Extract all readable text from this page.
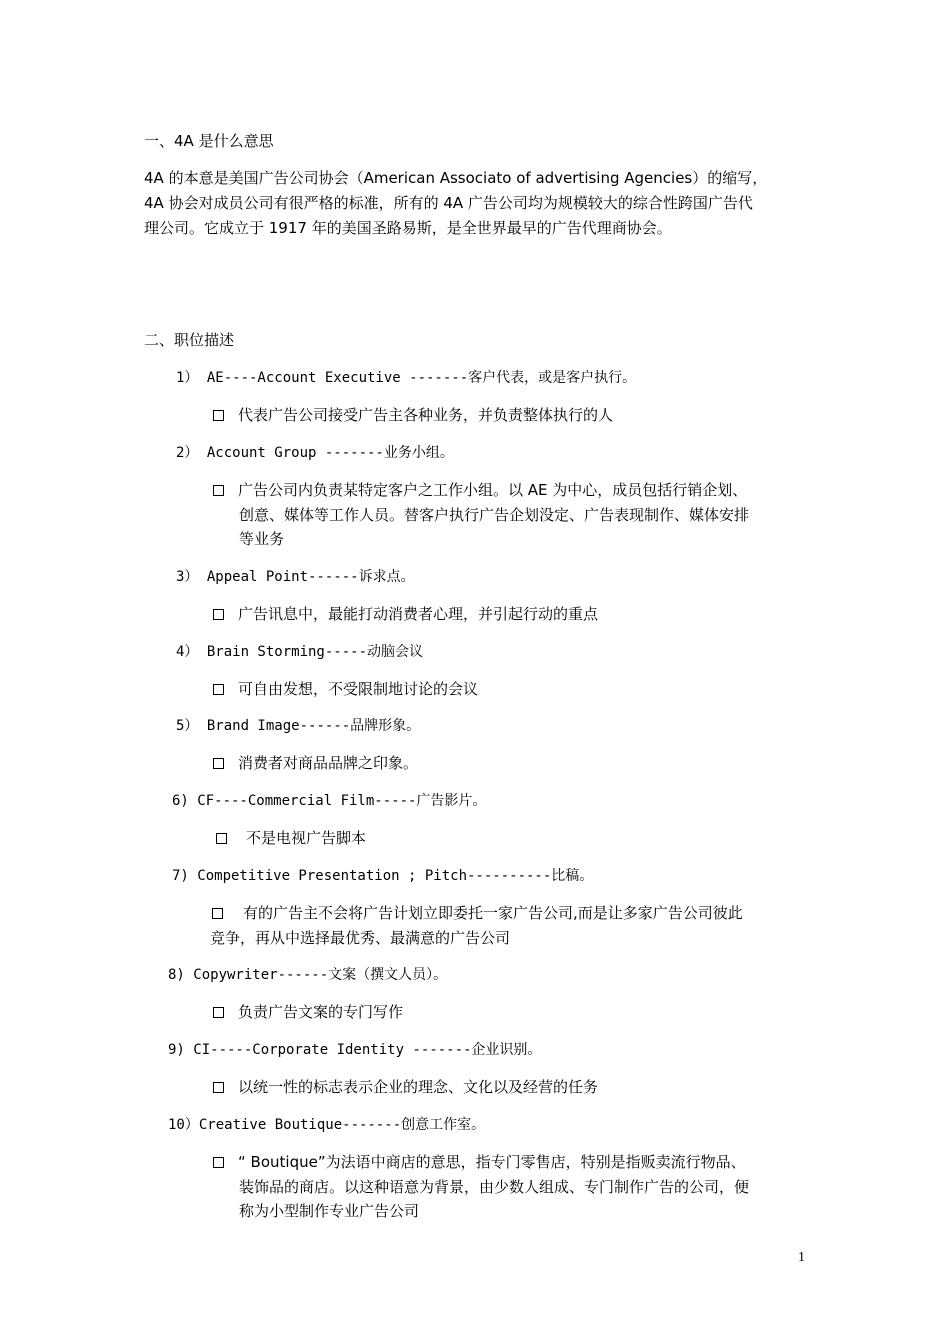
一、4A 是什么意思
4A 的本意是美国广告公司协会（American Associato of advertising Agencies）的缩写，
4A 协会对成员公司有很严格的标准，所有的 4A 广告公司均为规模较大的综合性跨国广告代
理公司。它成立于 1917 年的美国圣路易斯，是全世界最早的广告代理商协会。
二、职位描述
1） AE----Account Executive -------客户代表，或是客户执行。
代表广告公司接受广告主各种业务，并负责整体执行的人
2） Account Group -------业务小组。
广告公司内负责某特定客户之工作小组。以 AE 为中心，成员包括行销企划、
创意、媒体等工作人员。替客户执行广告企划没定、广告表现制作、媒体安排
等业务
3） Appeal Point------诉求点。
广告讯息中，最能打动消费者心理，并引起行动的重点
4） Brain Storming-----动脑会议
可自由发想，不受限制地讨论的会议
5） Brand Image------品牌形象。
消费者对商品品牌之印象。
6) CF----Commercial Film-----广告影片。
不是电视广告脚本
7) Competitive Presentation ; Pitch----------比稿。
有的广告主不会将广告计划立即委托一家广告公司,而是让多家广告公司彼此
竞争，再从中选择最优秀、最满意的广告公司
8) Copywriter------文案（撰文人员）。
负责广告文案的专门写作
9) CI-----Corporate Identity -------企业识别。
以统一性的标志表示企业的理念、文化以及经营的任务
10）Creative Boutique-------创意工作室。
“ Boutique”为法语中商店的意思，指专门零售店，特别是指贩卖流行物品、
装饰品的商店。以这种语意为背景，由少数人组成、专门制作广告的公司，便
称为小型制作专业广告公司
1
